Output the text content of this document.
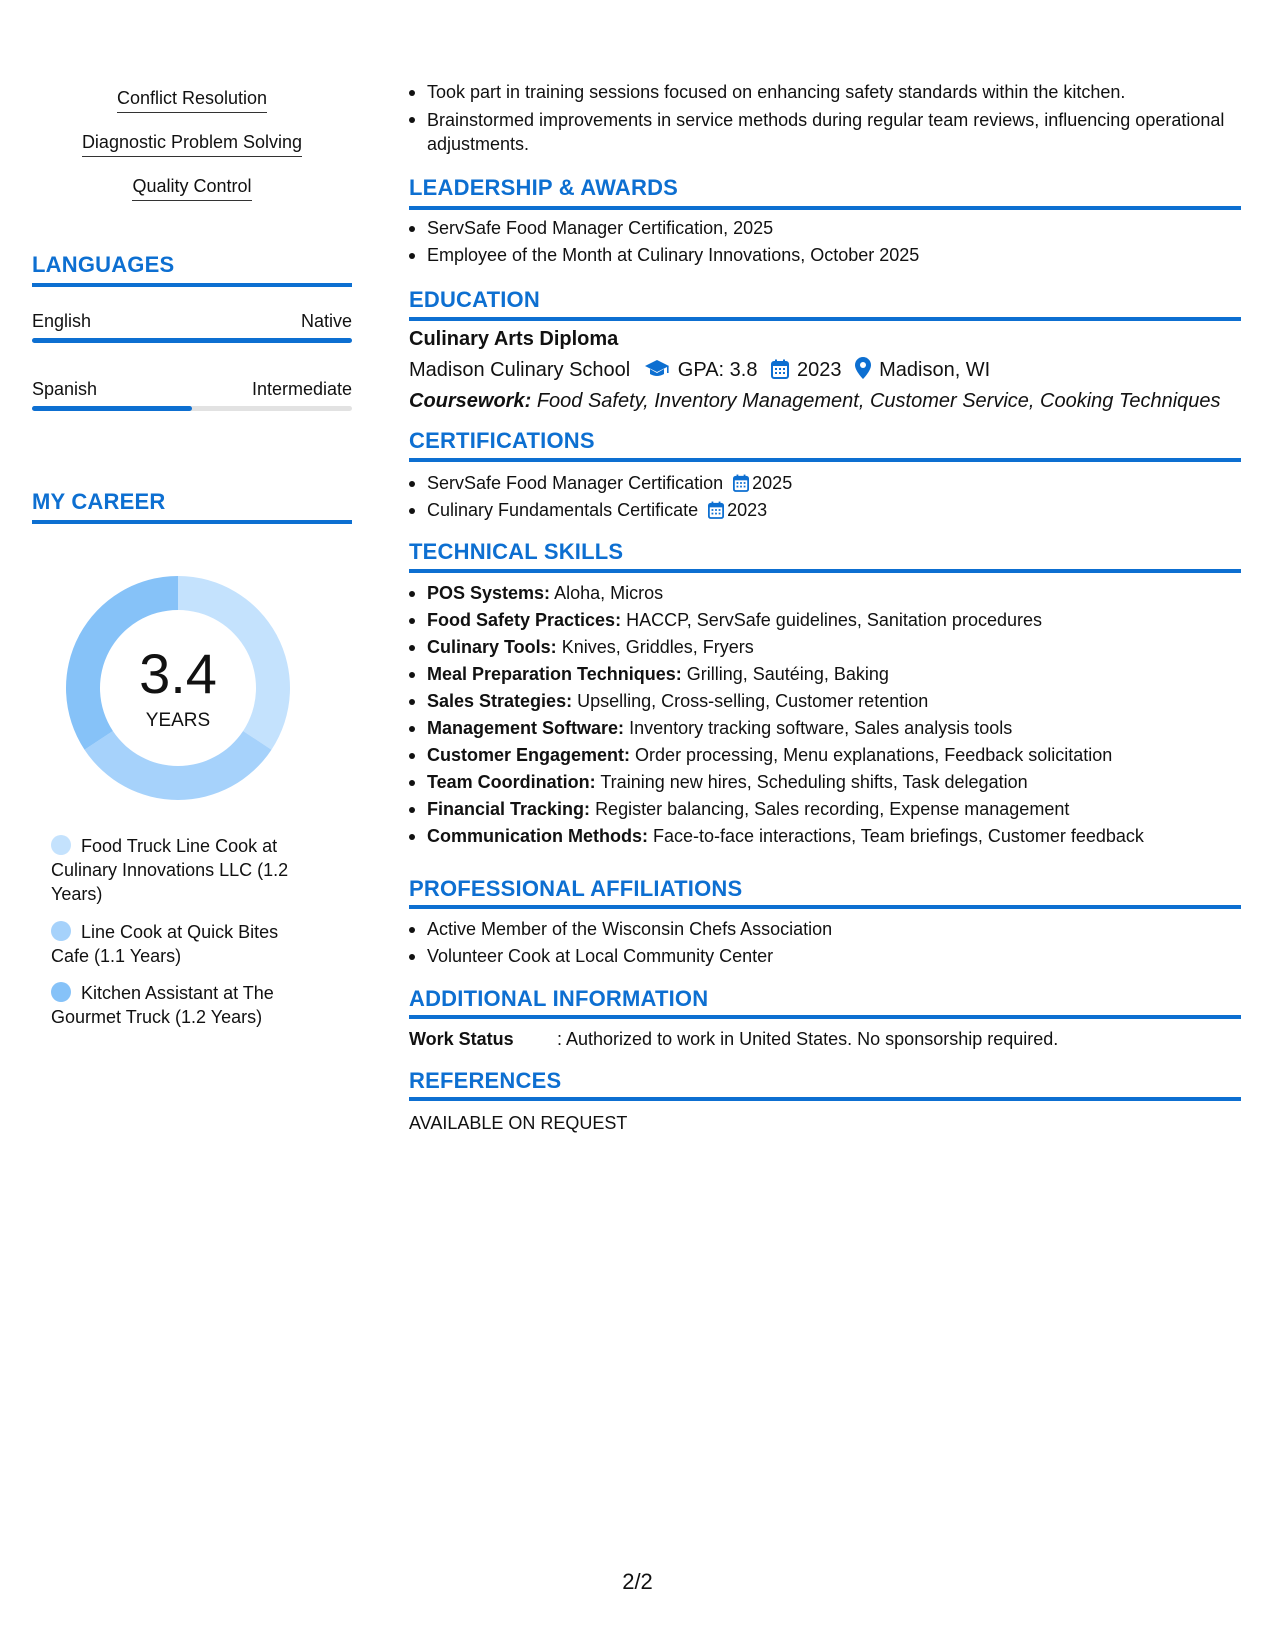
Conflict Resolution
Diagnostic Problem Solving
Quality Control
LANGUAGES
English	Native
Spanish	Intermediate
MY CAREER
3.4
YEARS
Food Truck Line Cook at Culinary Innovations LLC (1.2 Years)
Line Cook at Quick Bites Cafe (1.1 Years)
Kitchen Assistant at The Gourmet Truck (1.2 Years)
Took part in training sessions focused on enhancing safety standards within the kitchen.
Brainstormed improvements in service methods during regular team reviews, influencing operational adjustments.
LEADERSHIP & AWARDS
ServSafe Food Manager Certification, 2025
Employee of the Month at Culinary Innovations, October 2025
EDUCATION
Culinary Arts Diploma
Madison Culinary School GPA: 3.8 2023 Madison, WI
Coursework: Food Safety, Inventory Management, Customer Service, Cooking Techniques
CERTIFICATIONS
ServSafe Food Manager Certification 2025
Culinary Fundamentals Certificate 2023
TECHNICAL SKILLS
POS Systems: Aloha, Micros
Food Safety Practices: HACCP, ServSafe guidelines, Sanitation procedures
Culinary Tools: Knives, Griddles, Fryers
Meal Preparation Techniques: Grilling, Sautéing, Baking
Sales Strategies: Upselling, Cross-selling, Customer retention
Management Software: Inventory tracking software, Sales analysis tools
Customer Engagement: Order processing, Menu explanations, Feedback solicitation
Team Coordination: Training new hires, Scheduling shifts, Task delegation
Financial Tracking: Register balancing, Sales recording, Expense management
Communication Methods: Face-to-face interactions, Team briefings, Customer feedback
PROFESSIONAL AFFILIATIONS
Active Member of the Wisconsin Chefs Association
Volunteer Cook at Local Community Center
ADDITIONAL INFORMATION
Work Status : Authorized to work in United States. No sponsorship required.
REFERENCES
AVAILABLE ON REQUEST
2/2
